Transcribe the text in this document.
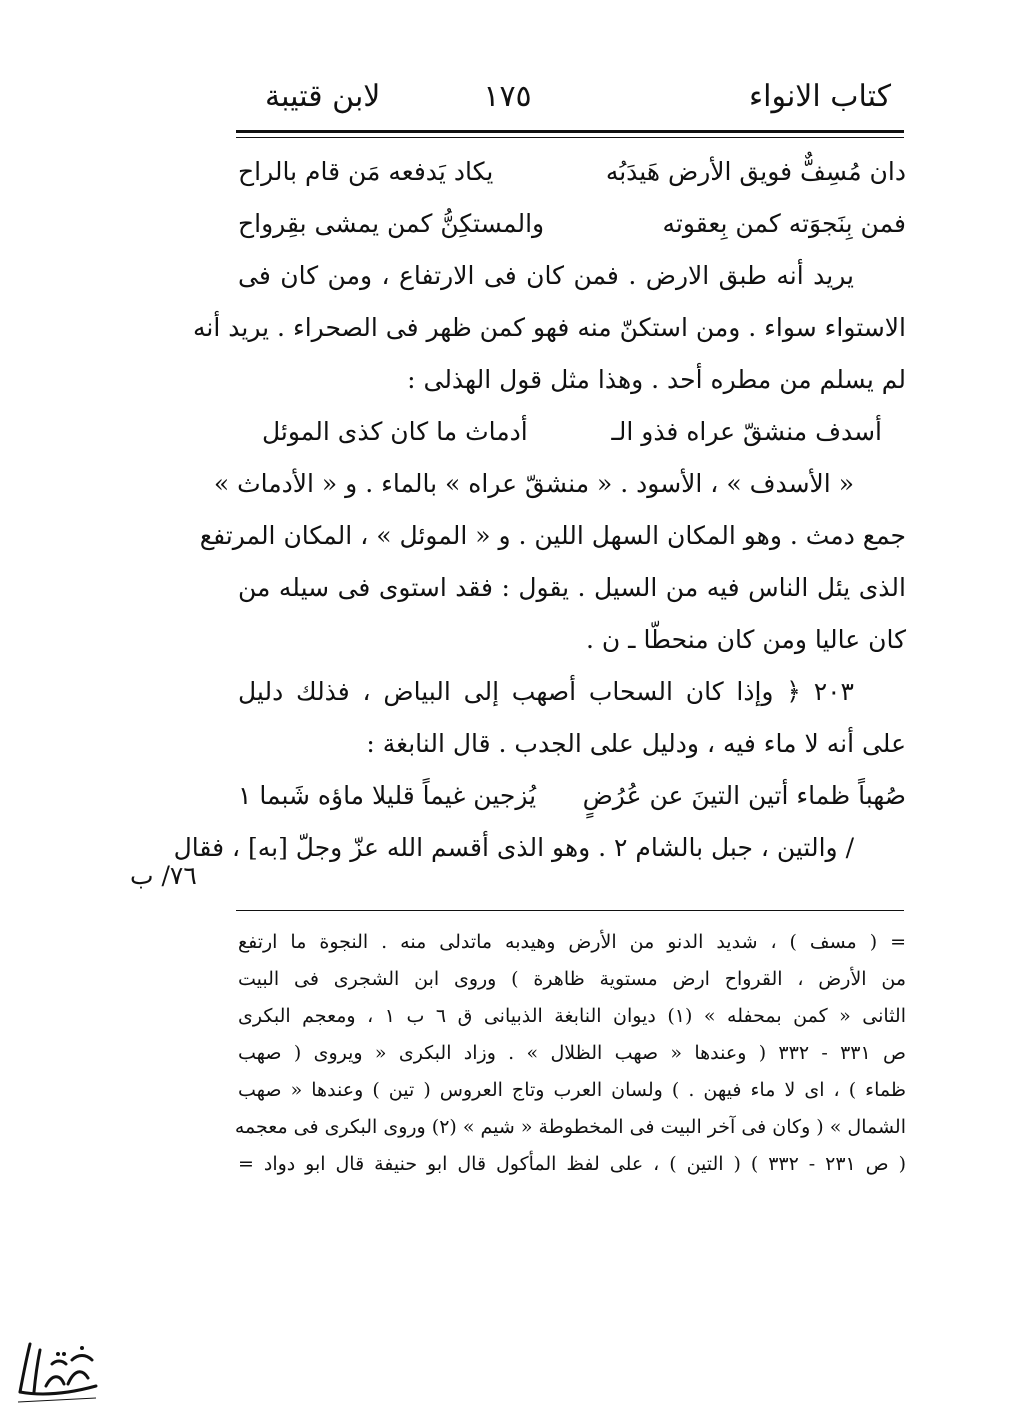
كتاب الانواء
١٧٥
لابن قتيبة
دان مُسِفٌّ فويق الأرض هَيدَبُه
يكاد يَدفعه مَن قام بالراح
فمن بِنَجوَته كمن بِعقوته
والمستكِنُّ كمن يمشى بقِرواح
يريد أنه طبق الارض . فمن كان فى الارتفاع ، ومن كان فى
الاستواء سواء . ومن استكنّ منه فهو كمن ظهر فى الصحراء . يريد أنه
لم يسلم من مطره أحد . وهذا مثل قول الهذلى :
أسدف منشقّ عراه فذو الـ
أدماث ما كان كذى الموئل
« الأسدف » ، الأسود . « منشقّ عراه » بالماء . و « الأدماث »
جمع دمث . وهو المكان السهل اللين . و « الموئل » ، المكان المرتفع
الذى يئل الناس فيه من السيل . يقول : فقد استوى فى سيله من
كان عاليا ومن كان منحطّا ـ ن .
٢٠٣ ﴿ وإذا كان السحاب أصهب إلى البياض ، فذلك دليل
على أنه لا ماء فيه ، ودليل على الجدب . قال النابغة :
صُهباً ظماء أتين التينَ عن عُرُضٍ
يُزجين غيماً قليلا ماؤه شَبما ١
/ والتين ، جبل بالشام ٢ . وهو الذى أقسم الله عزّ وجلّ [به] ، فقال
٧٦/ ب
= ( مسف ) ، شديد الدنو من الأرض وهيدبه ماتدلى منه . النجوة ما ارتفع
من الأرض ، القرواح ارض مستوية ظاهرة ) وروى ابن الشجرى فى البيت
الثانى « كمن بمحفله » (١) ديوان النابغة الذبيانى ق ٦ ب ١ ، ومعجم البكرى
ص ٣٣١ - ٣٣٢ ( وعندها « صهب الظلال » . وزاد البكرى « ويروى ( صهب
ظماء ) ، اى لا ماء فيهن . ) ولسان العرب وتاج العروس ( تين ) وعندها « صهب
الشمال » ( وكان فى آخر البيت فى المخطوطة « شيم » (٢) وروى البكرى فى معجمه
( ص ٢٣١ - ٣٣٢ ) ( التين ) ، على لفظ المأكول قال ابو حنيفة قال ابو دواد =
